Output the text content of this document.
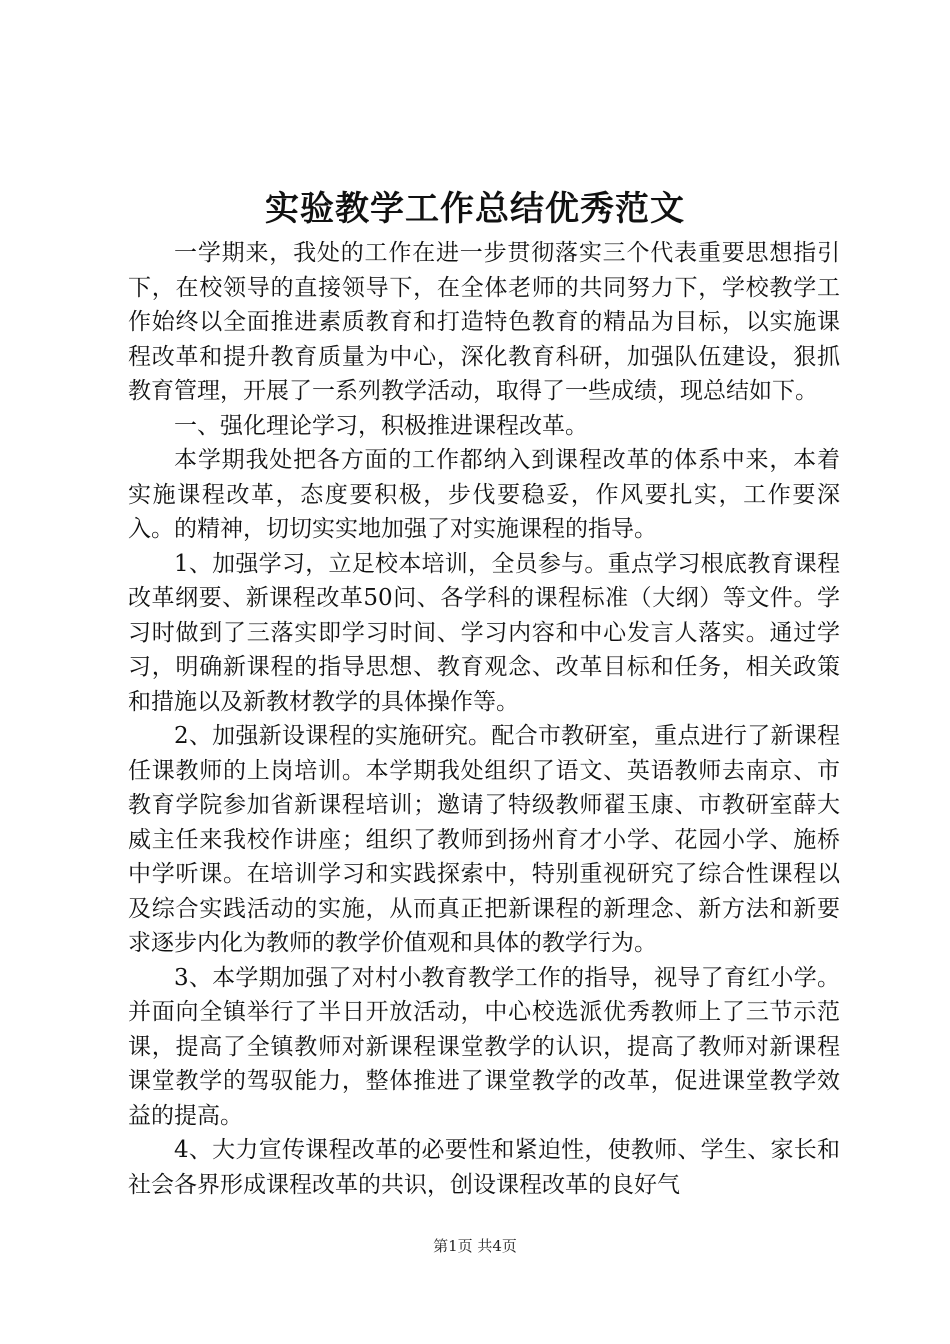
实验教学工作总结优秀范文

一学期来，我处的工作在进一步贯彻落实三个代表重要思想指引下，在校领导的直接领导下，在全体老师的共同努力下，学校教学工作始终以全面推进素质教育和打造特色教育的精品为目标，以实施课程改革和提升教育质量为中心，深化教育科研，加强队伍建设，狠抓教育管理，开展了一系列教学活动，取得了一些成绩，现总结如下。

一、强化理论学习，积极推进课程改革。

本学期我处把各方面的工作都纳入到课程改革的体系中来，本着实施课程改革，态度要积极，步伐要稳妥，作风要扎实，工作要深入。的精神，切切实实地加强了对实施课程的指导。

1、加强学习，立足校本培训，全员参与。重点学习根底教育课程改革纲要、新课程改革50问、各学科的课程标准（大纲）等文件。学习时做到了三落实即学习时间、学习内容和中心发言人落实。通过学习，明确新课程的指导思想、教育观念、改革目标和任务，相关政策和措施以及新教材教学的具体操作等。

2、加强新设课程的实施研究。配合市教研室，重点进行了新课程任课教师的上岗培训。本学期我处组织了语文、英语教师去南京、市教育学院参加省新课程培训；邀请了特级教师翟玉康、市教研室薛大威主任来我校作讲座；组织了教师到扬州育才小学、花园小学、施桥中学听课。在培训学习和实践探索中，特别重视研究了综合性课程以及综合实践活动的实施，从而真正把新课程的新理念、新方法和新要求逐步内化为教师的教学价值观和具体的教学行为。

3、本学期加强了对村小教育教学工作的指导，视导了育红小学。并面向全镇举行了半日开放活动，中心校选派优秀教师上了三节示范课，提高了全镇教师对新课程课堂教学的认识，提高了教师对新课程课堂教学的驾驭能力，整体推进了课堂教学的改革，促进课堂教学效益的提高。

4、大力宣传课程改革的必要性和紧迫性，使教师、学生、家长和社会各界形成课程改革的共识，创设课程改革的良好气

第1页 共4页
